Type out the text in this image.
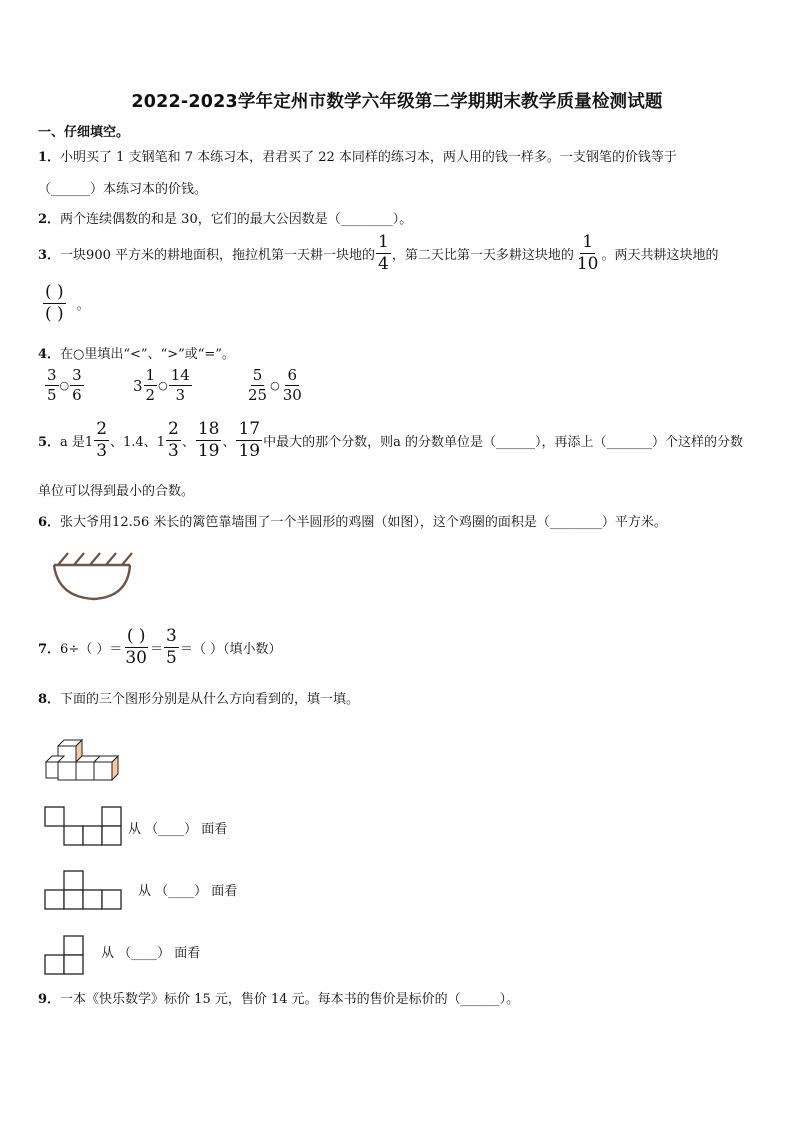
2022-2023学年定州市数学六年级第二学期期末教学质量检测试题
一、仔细填空。
1．小明买了 1 支钢笔和 7 本练习本，君君买了 22 本同样的练习本，两人用的钱一样多。一支钢笔的价钱等于
（______）本练习本的价钱。
2．两个连续偶数的和是 30，它们的最大公因数是（________）。
3． 一块900 平方米的耕地面积，拖拉机第一天耕一块地的 $\frac{1}{4}$ ，第二天比第一天多耕这块地的 $\frac{1}{10}$ 。两天共耕这块地的
$\frac{( )}{( )}$ 。
4．在○里填出“<”、“>”或“=”。
$\frac{3}{5}$ ○ $\frac{3}{6}$	$3 \frac{1}{2}$ ○ $\frac{14}{3}$	$\frac{5}{25}$ ○ $\frac{6}{30}$
5． a 是$1 \frac{2}{3}$ 、1.4、$1 \frac{2}{3}$ 、 $\frac{18}{19}$ 、 $\frac{17}{19}$ 中最大的那个分数，则a 的分数单位是（______），再添上（_______）个这样的分数
单位可以得到最小的合数。
6．张大爷用12.56 米长的篱笆靠墙围了一个半圆形的鸡圈（如图），这个鸡圈的面积是（________）平方米。
7． 6÷（ ）＝ $\frac{( )}{30} = \frac{3}{5}$ ＝（ ）（填小数）
8．下面的三个图形分别是从什么方向看到的，填一填。
从 （____） 面看
从 （____） 面看
从 （____） 面看
9．一本《快乐数学》标价 15 元，售价 14 元。每本书的售价是标价的（______）。
